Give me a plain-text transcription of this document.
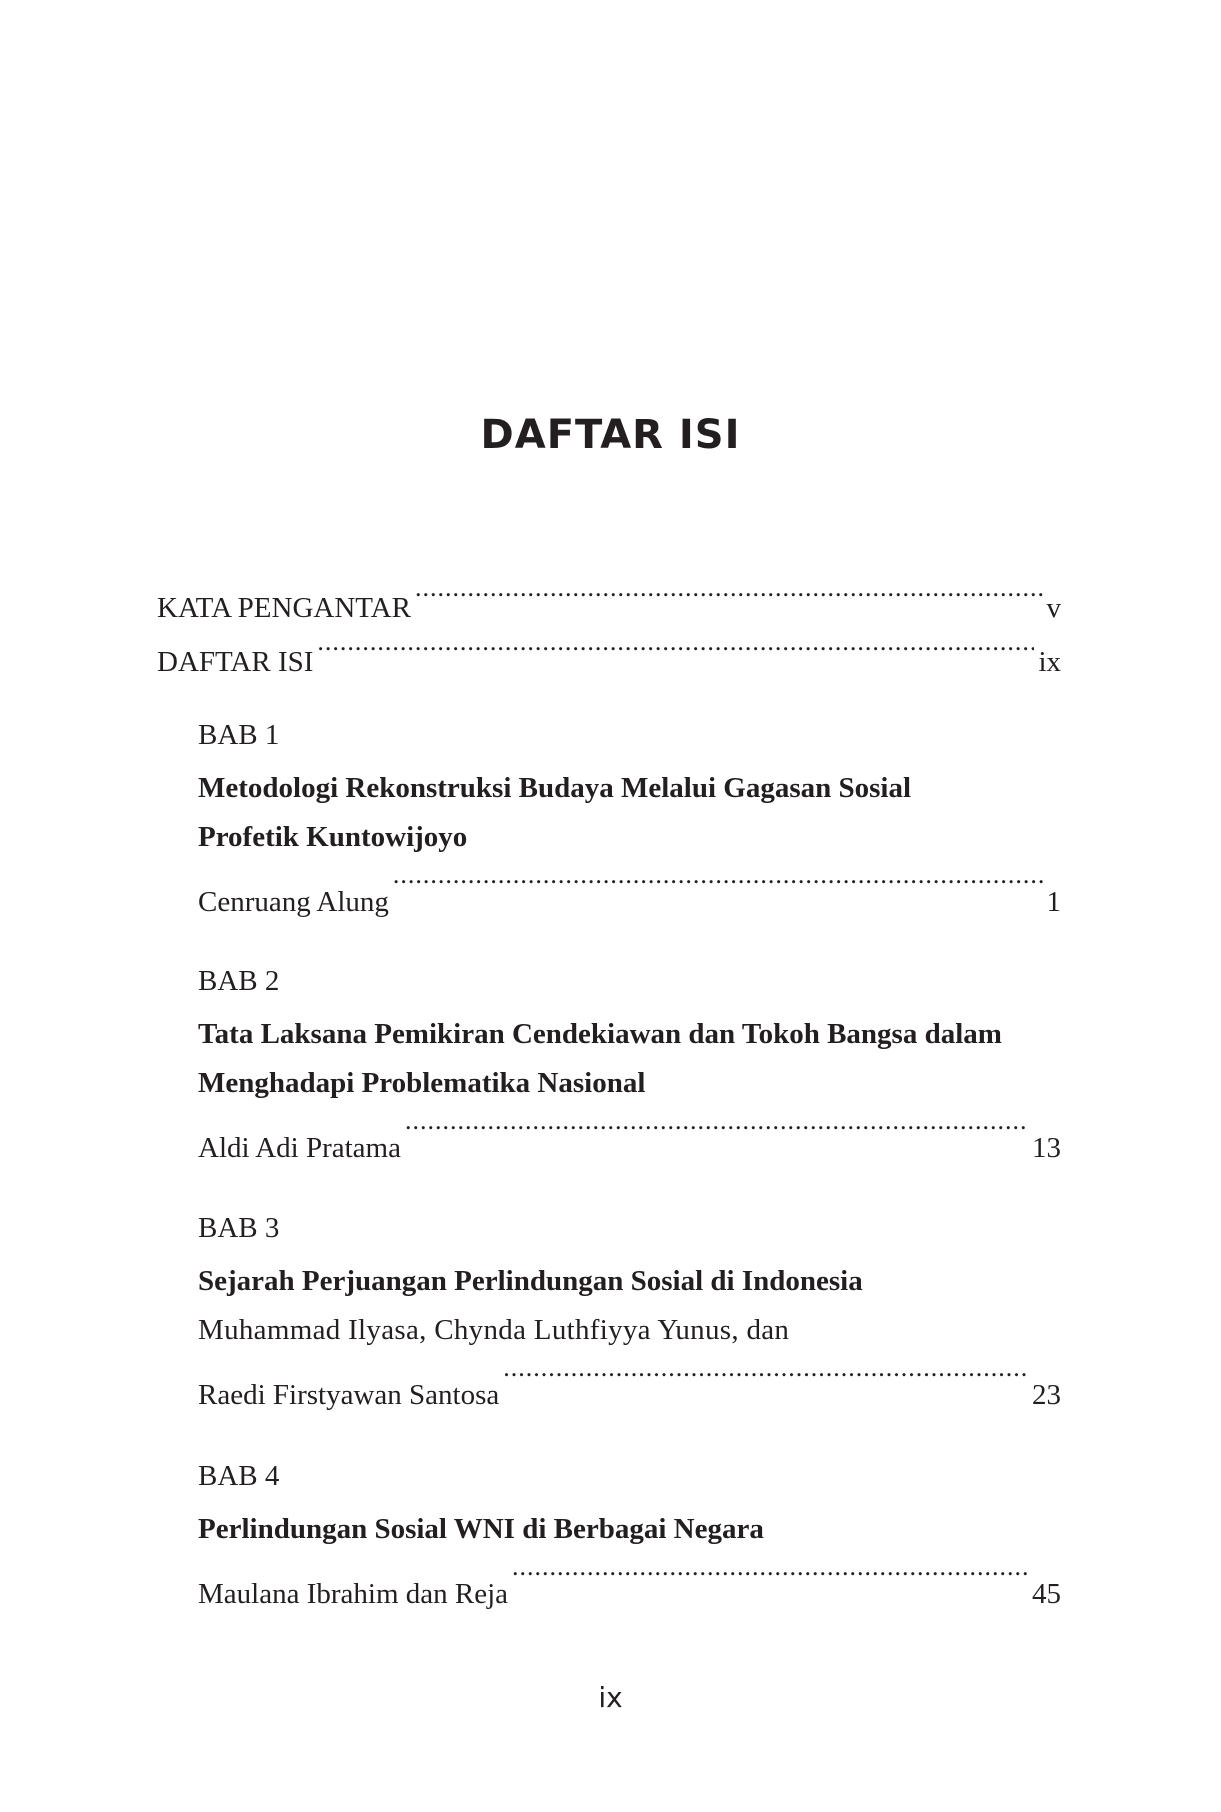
DAFTAR ISI
KATA PENGANTAR .....	v
DAFTAR ISI .....	ix
BAB 1
Metodologi Rekonstruksi Budaya Melalui Gagasan Sosial
Profetik Kuntowijoyo
Cenruang Alung .....	1
BAB 2
Tata Laksana Pemikiran Cendekiawan dan Tokoh Bangsa dalam
Menghadapi Problematika Nasional
Aldi Adi Pratama .....	13
BAB 3
Sejarah Perjuangan Perlindungan Sosial di Indonesia
Muhammad Ilyasa, Chynda Luthfiyya Yunus, dan
Raedi Firstyawan Santosa .....	23
BAB 4
Perlindungan Sosial WNI di Berbagai Negara
Maulana Ibrahim dan Reja .....	45
ix
